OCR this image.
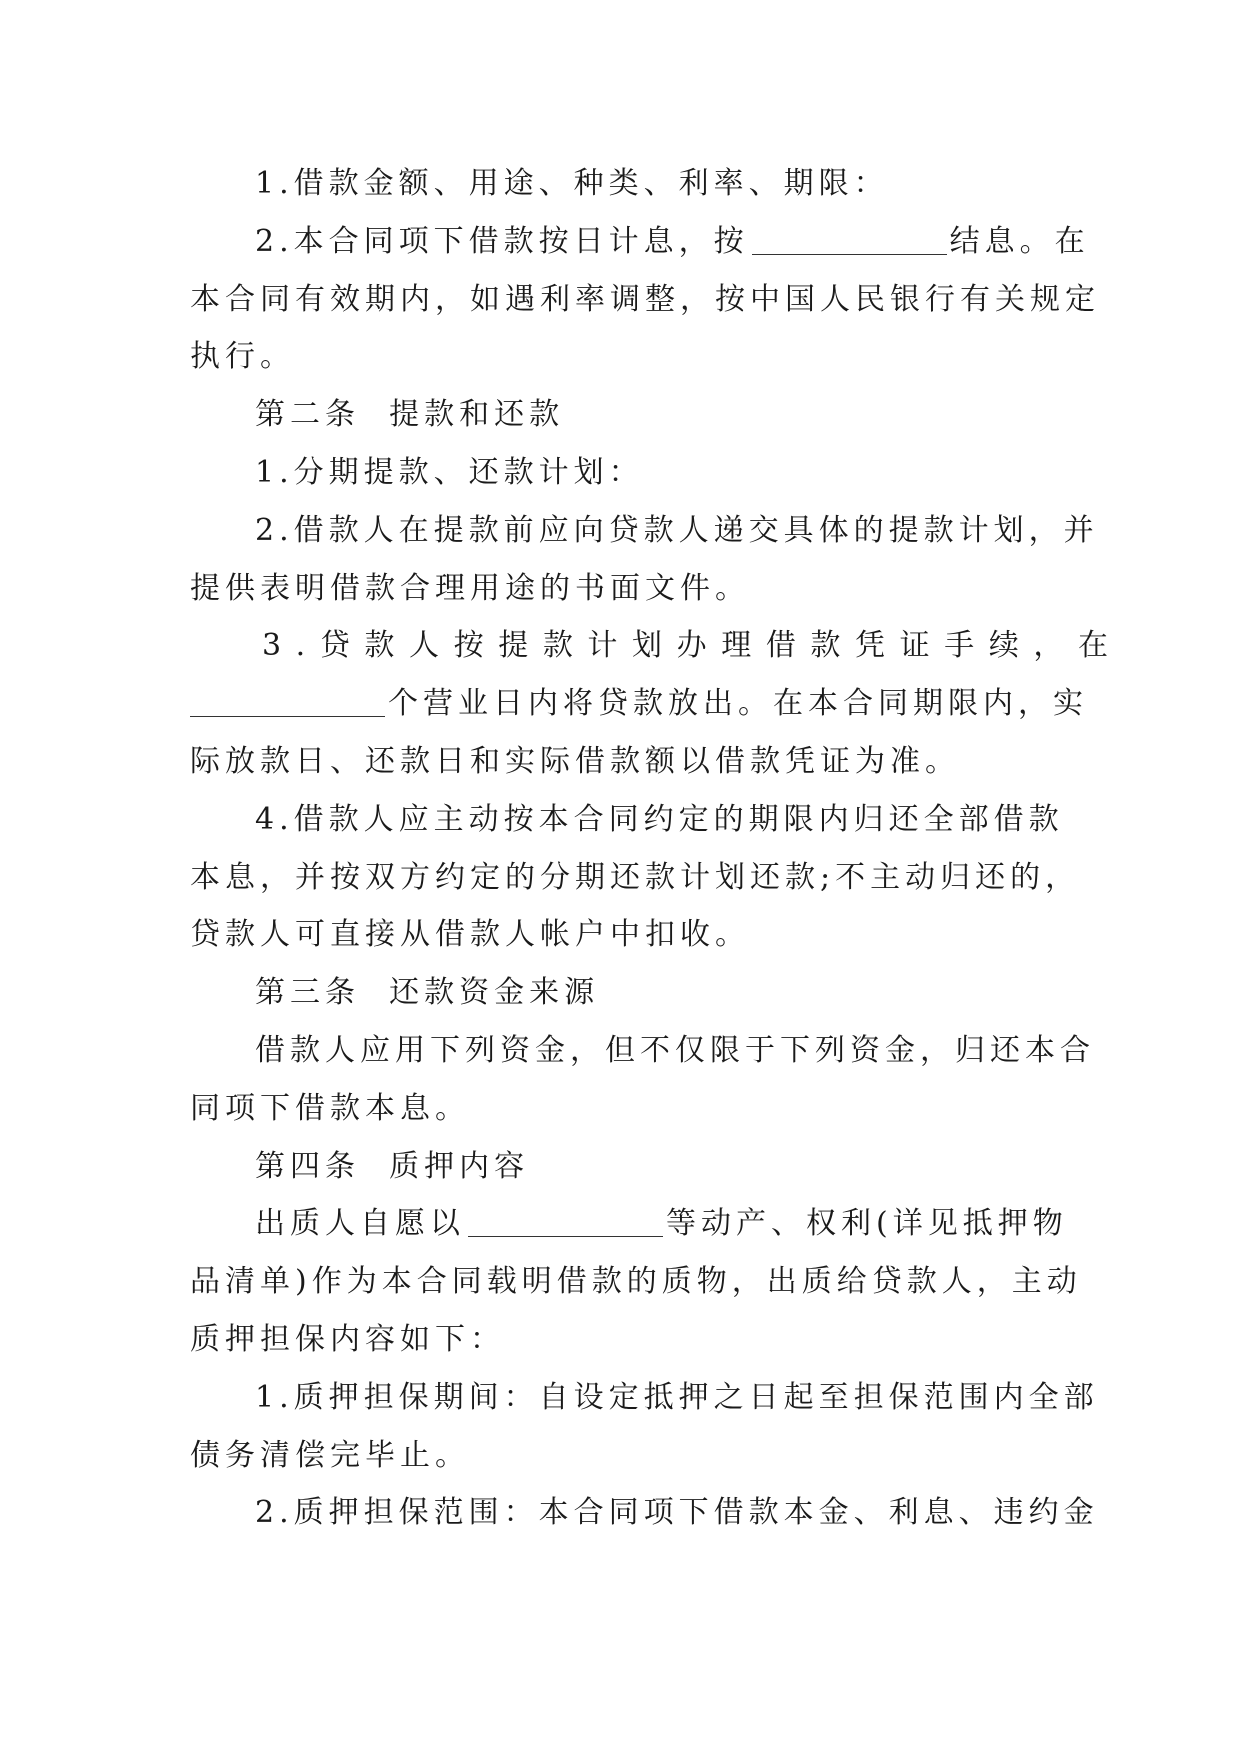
1.借款金额、用途、种类、利率、期限：
2.本合同项下借款按日计息，按	结息。在
本合同有效期内，如遇利率调整，按中国人民银行有关规定
执行。
第二条  提款和还款
1.分期提款、还款计划：
2.借款人在提款前应向贷款人递交具体的提款计划，并
提供表明借款合理用途的书面文件。
3.贷款人按提款计划办理借款凭证手续，在
个营业日内将贷款放出。在本合同期限内，实
际放款日、还款日和实际借款额以借款凭证为准。
4.借款人应主动按本合同约定的期限内归还全部借款
本息，并按双方约定的分期还款计划还款;不主动归还的，
贷款人可直接从借款人帐户中扣收。
第三条  还款资金来源
借款人应用下列资金，但不仅限于下列资金，归还本合
同项下借款本息。
第四条  质押内容
出质人自愿以	等动产、权利(详见抵押物
品清单)作为本合同载明借款的质物，出质给贷款人，主动
质押担保内容如下：
1.质押担保期间：自设定抵押之日起至担保范围内全部
债务清偿完毕止。
2.质押担保范围：本合同项下借款本金、利息、违约金
